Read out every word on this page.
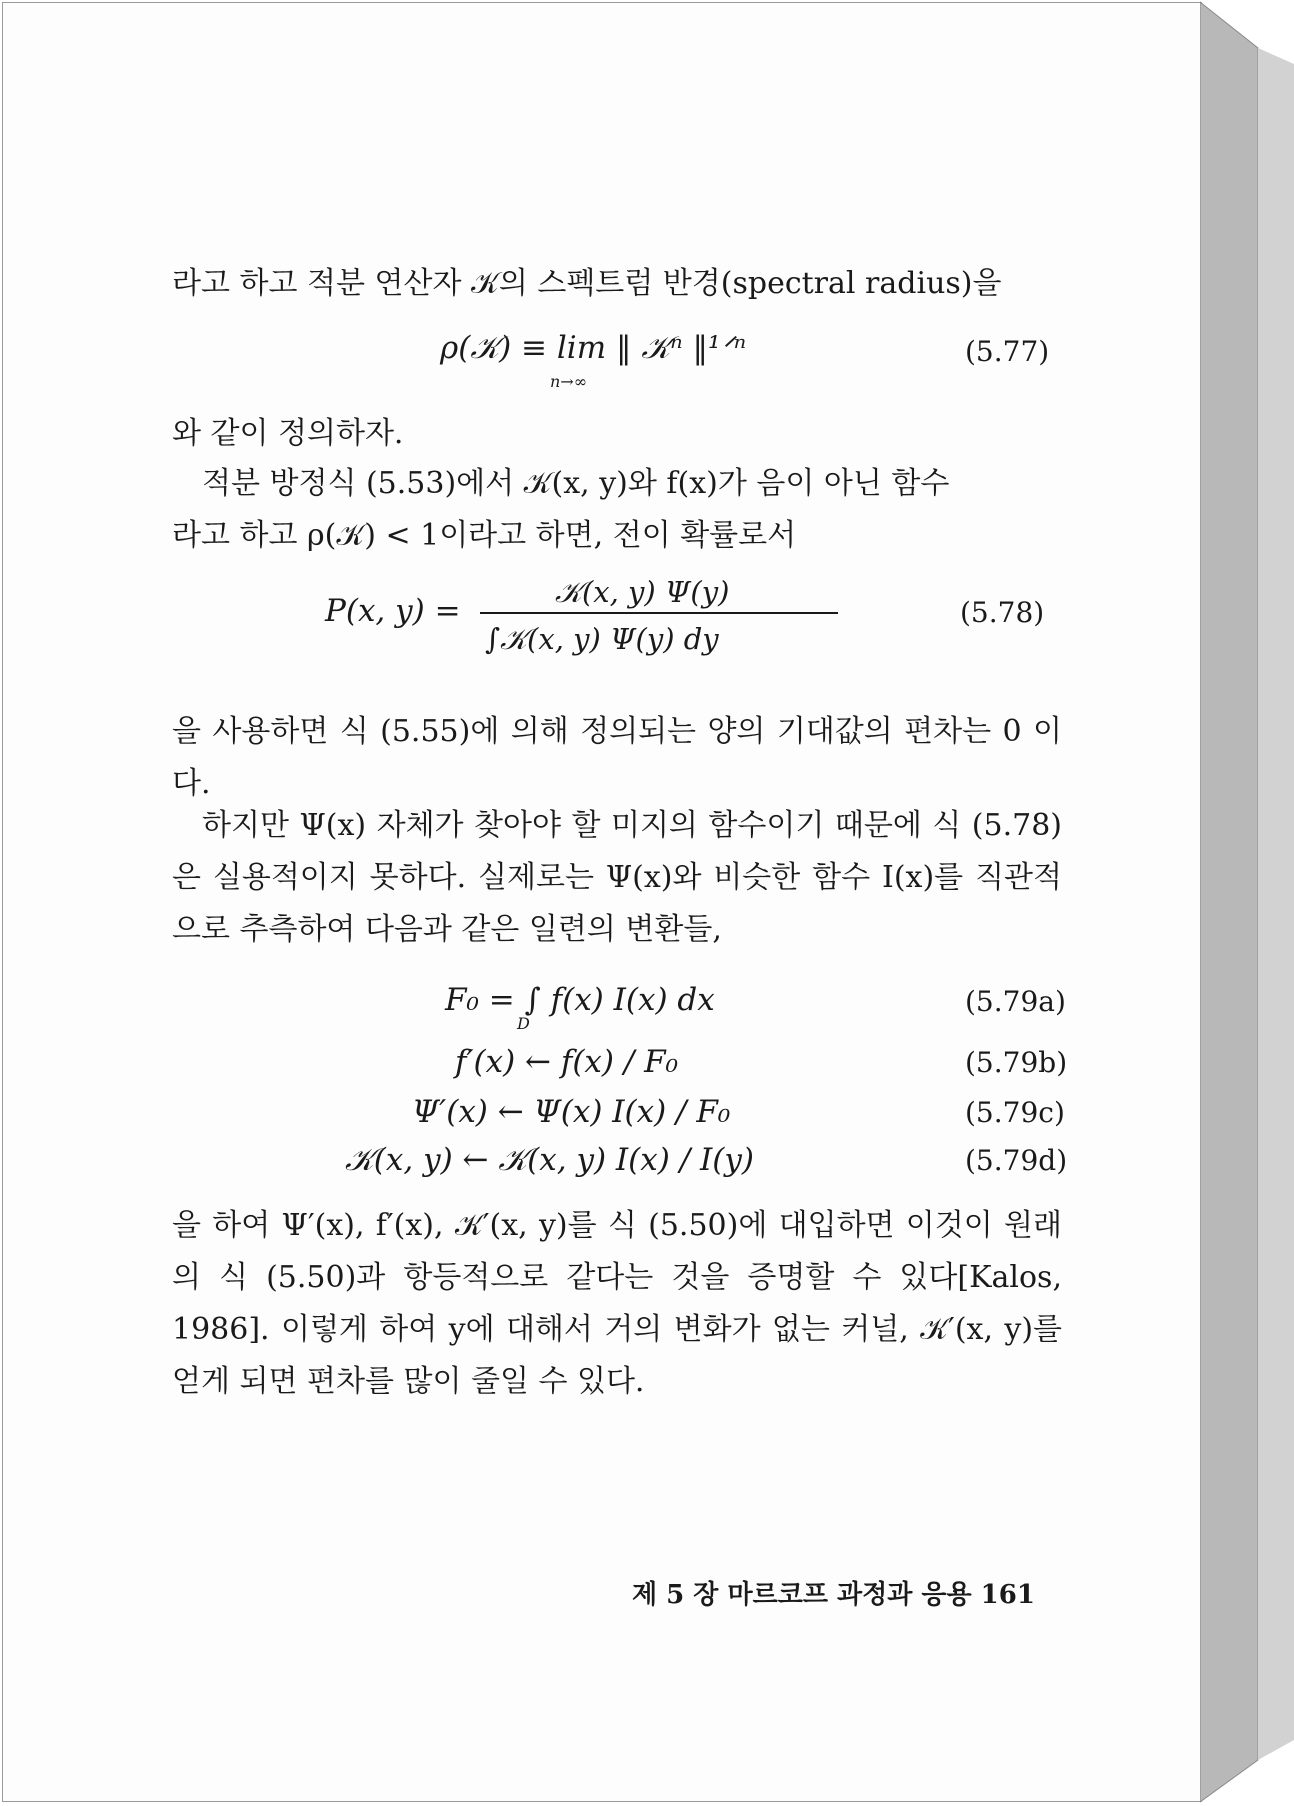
라고 하고 적분 연산자 𝒦의 스펙트럼 반경(spectral radius)을
ρ(𝒦) ≡ lim ‖ 𝒦ⁿ ‖¹ᐟⁿ
n→∞
(5.77)
와 같이 정의하자.
적분 방정식 (5.53)에서 𝒦(x, y)와 f(x)가 음이 아닌 함수
라고 하고 ρ(𝒦) < 1이라고 하면, 전이 확률로서
P(x, y) =
𝒦(x, y) Ψ(y)
∫𝒦(x, y) Ψ(y) dy
(5.78)
을 사용하면 식 (5.55)에 의해 정의되는 양의 기대값의 편차는 0 이다.
하지만 Ψ(x) 자체가 찾아야 할 미지의 함수이기 때문에 식 (5.78)은 실용적이지 못하다. 실제로는 Ψ(x)와 비슷한 함수 I(x)를 직관적으로 추측하여 다음과 같은 일련의 변환들,
F₀ = ∫ f(x) I(x) dx
D
(5.79a)
f′(x) ← f(x) / F₀	(5.79b)
Ψ′(x) ← Ψ(x) I(x) / F₀	(5.79c)
𝒦(x, y) ← 𝒦(x, y) I(x) / I(y)	(5.79d)
을 하여 Ψ′(x), f′(x), 𝒦′(x, y)를 식 (5.50)에 대입하면 이것이 원래의 식 (5.50)과 항등적으로 같다는 것을 증명할 수 있다[Kalos, 1986]. 이렇게 하여 y에 대해서 거의 변화가 없는 커널, 𝒦′(x, y)를 얻게 되면 편차를 많이 줄일 수 있다.
제 5 장 마르코프 과정과 응용 161
